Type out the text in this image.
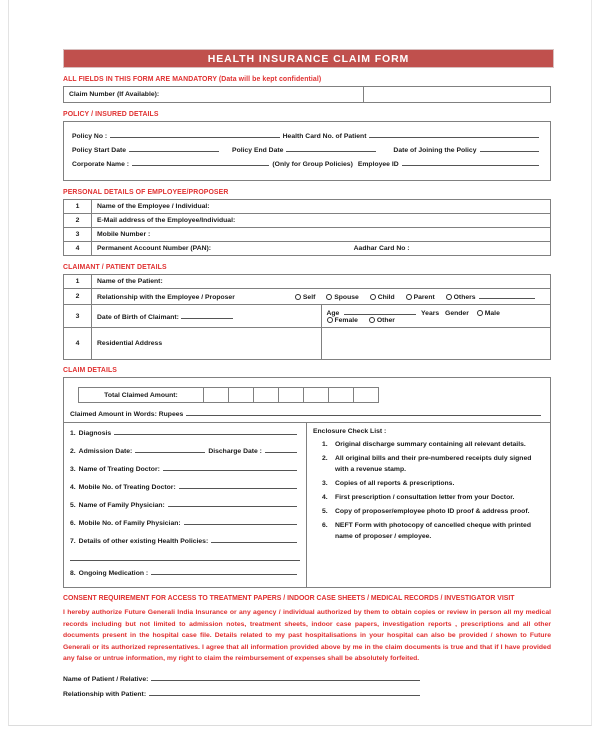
HEALTH INSURANCE CLAIM FORM
ALL FIELDS IN THIS FORM ARE MANDATORY (Data will be kept confidential)
Claim Number (If Available):	
POLICY / INSURED DETAILS
Policy No :	Health Card No. of Patient
Policy Start Date	Policy End Date	Date of Joining the Policy
Corporate Name :	(Only for Group Policies) Employee ID
PERSONAL DETAILS OF EMPLOYEE/PROPOSER
1	Name of the Employee / Individual:
2	E-Mail address of the Employee/Individual:
3	Mobile Number :
4	Permanent Account Number (PAN): Aadhar Card No :
CLAIMANT / PATIENT DETAILS
1	Name of the Patient:	
2	Relationship with the Employee / Proposer Self Spouse Child Parent Others	
3	Date of Birth of Claimant:	Age Years Gender Male Female Other
4	Residential Address	
CLAIM DETAILS
Total Claimed Amount:							
Claimed Amount in Words: Rupees
1. Diagnosis
2. Admission Date:	Discharge Date :
3. Name of Treating Doctor:
4. Mobile No. of Treating Doctor:
5. Name of Family Physician:
6. Mobile No. of Family Physician:
7. Details of other existing Health Policies:
8. Ongoing Medication :
Enclosure Check List :
1.	Original discharge summary containing all relevant details.
2.	All original bills and their pre-numbered receipts duly signed with a revenue stamp.
3.	Copies of all reports & prescriptions.
4.	First prescription / consultation letter from your Doctor.
5.	Copy of proposer/employee photo ID proof & address proof.
6.	NEFT Form with photocopy of cancelled cheque with printed name of proposer / employee.
CONSENT REQUIREMENT FOR ACCESS TO TREATMENT PAPERS / INDOOR CASE SHEETS / MEDICAL RECORDS / INVESTIGATOR VISIT
I hereby authorize Future Generali India Insurance or any agency / individual authorized by them to obtain copies or review in person all my medical records including but not limited to admission notes, treatment sheets, indoor case papers, investigation reports , prescriptions and all other documents present in the hospital case file. Details related to my past hospitalisations in your hospital can also be provided / shown to Future Generali or its authorized representatives. I agree that all information provided above by me in the claim documents is true and that if I have provided any false or untrue information, my right to claim the reimbursement of expenses shall be absolutely forfeited.
Name of Patient / Relative:
Relationship with Patient:
